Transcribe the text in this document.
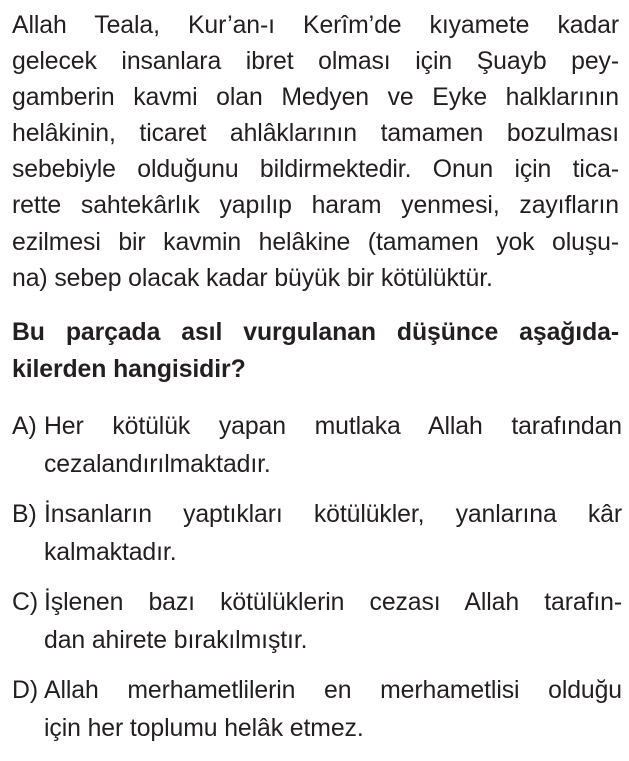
Allah Teala, Kur’an-ı Kerîm’de kıyamete kadar
gelecek insanlara ibret olması için Şuayb pey-
gamberin kavmi olan Medyen ve Eyke halklarının
helâkinin, ticaret ahlâklarının tamamen bozulması
sebebiyle olduğunu bildirmektedir. Onun için tica-
rette sahtekârlık yapılıp haram yenmesi, zayıfların
ezilmesi bir kavmin helâkine (tamamen yok oluşu-
na) sebep olacak kadar büyük bir kötülüktür.
Bu parçada asıl vurgulanan düşünce aşağıda-
kilerden hangisidir?
A) Her kötülük yapan mutlaka Allah tarafından
cezalandırılmaktadır.
B) İnsanların yaptıkları kötülükler, yanlarına kâr
kalmaktadır.
C) İşlenen bazı kötülüklerin cezası Allah tarafın-
dan ahirete bırakılmıştır.
D) Allah merhametlilerin en merhametlisi olduğu
için her toplumu helâk etmez.
